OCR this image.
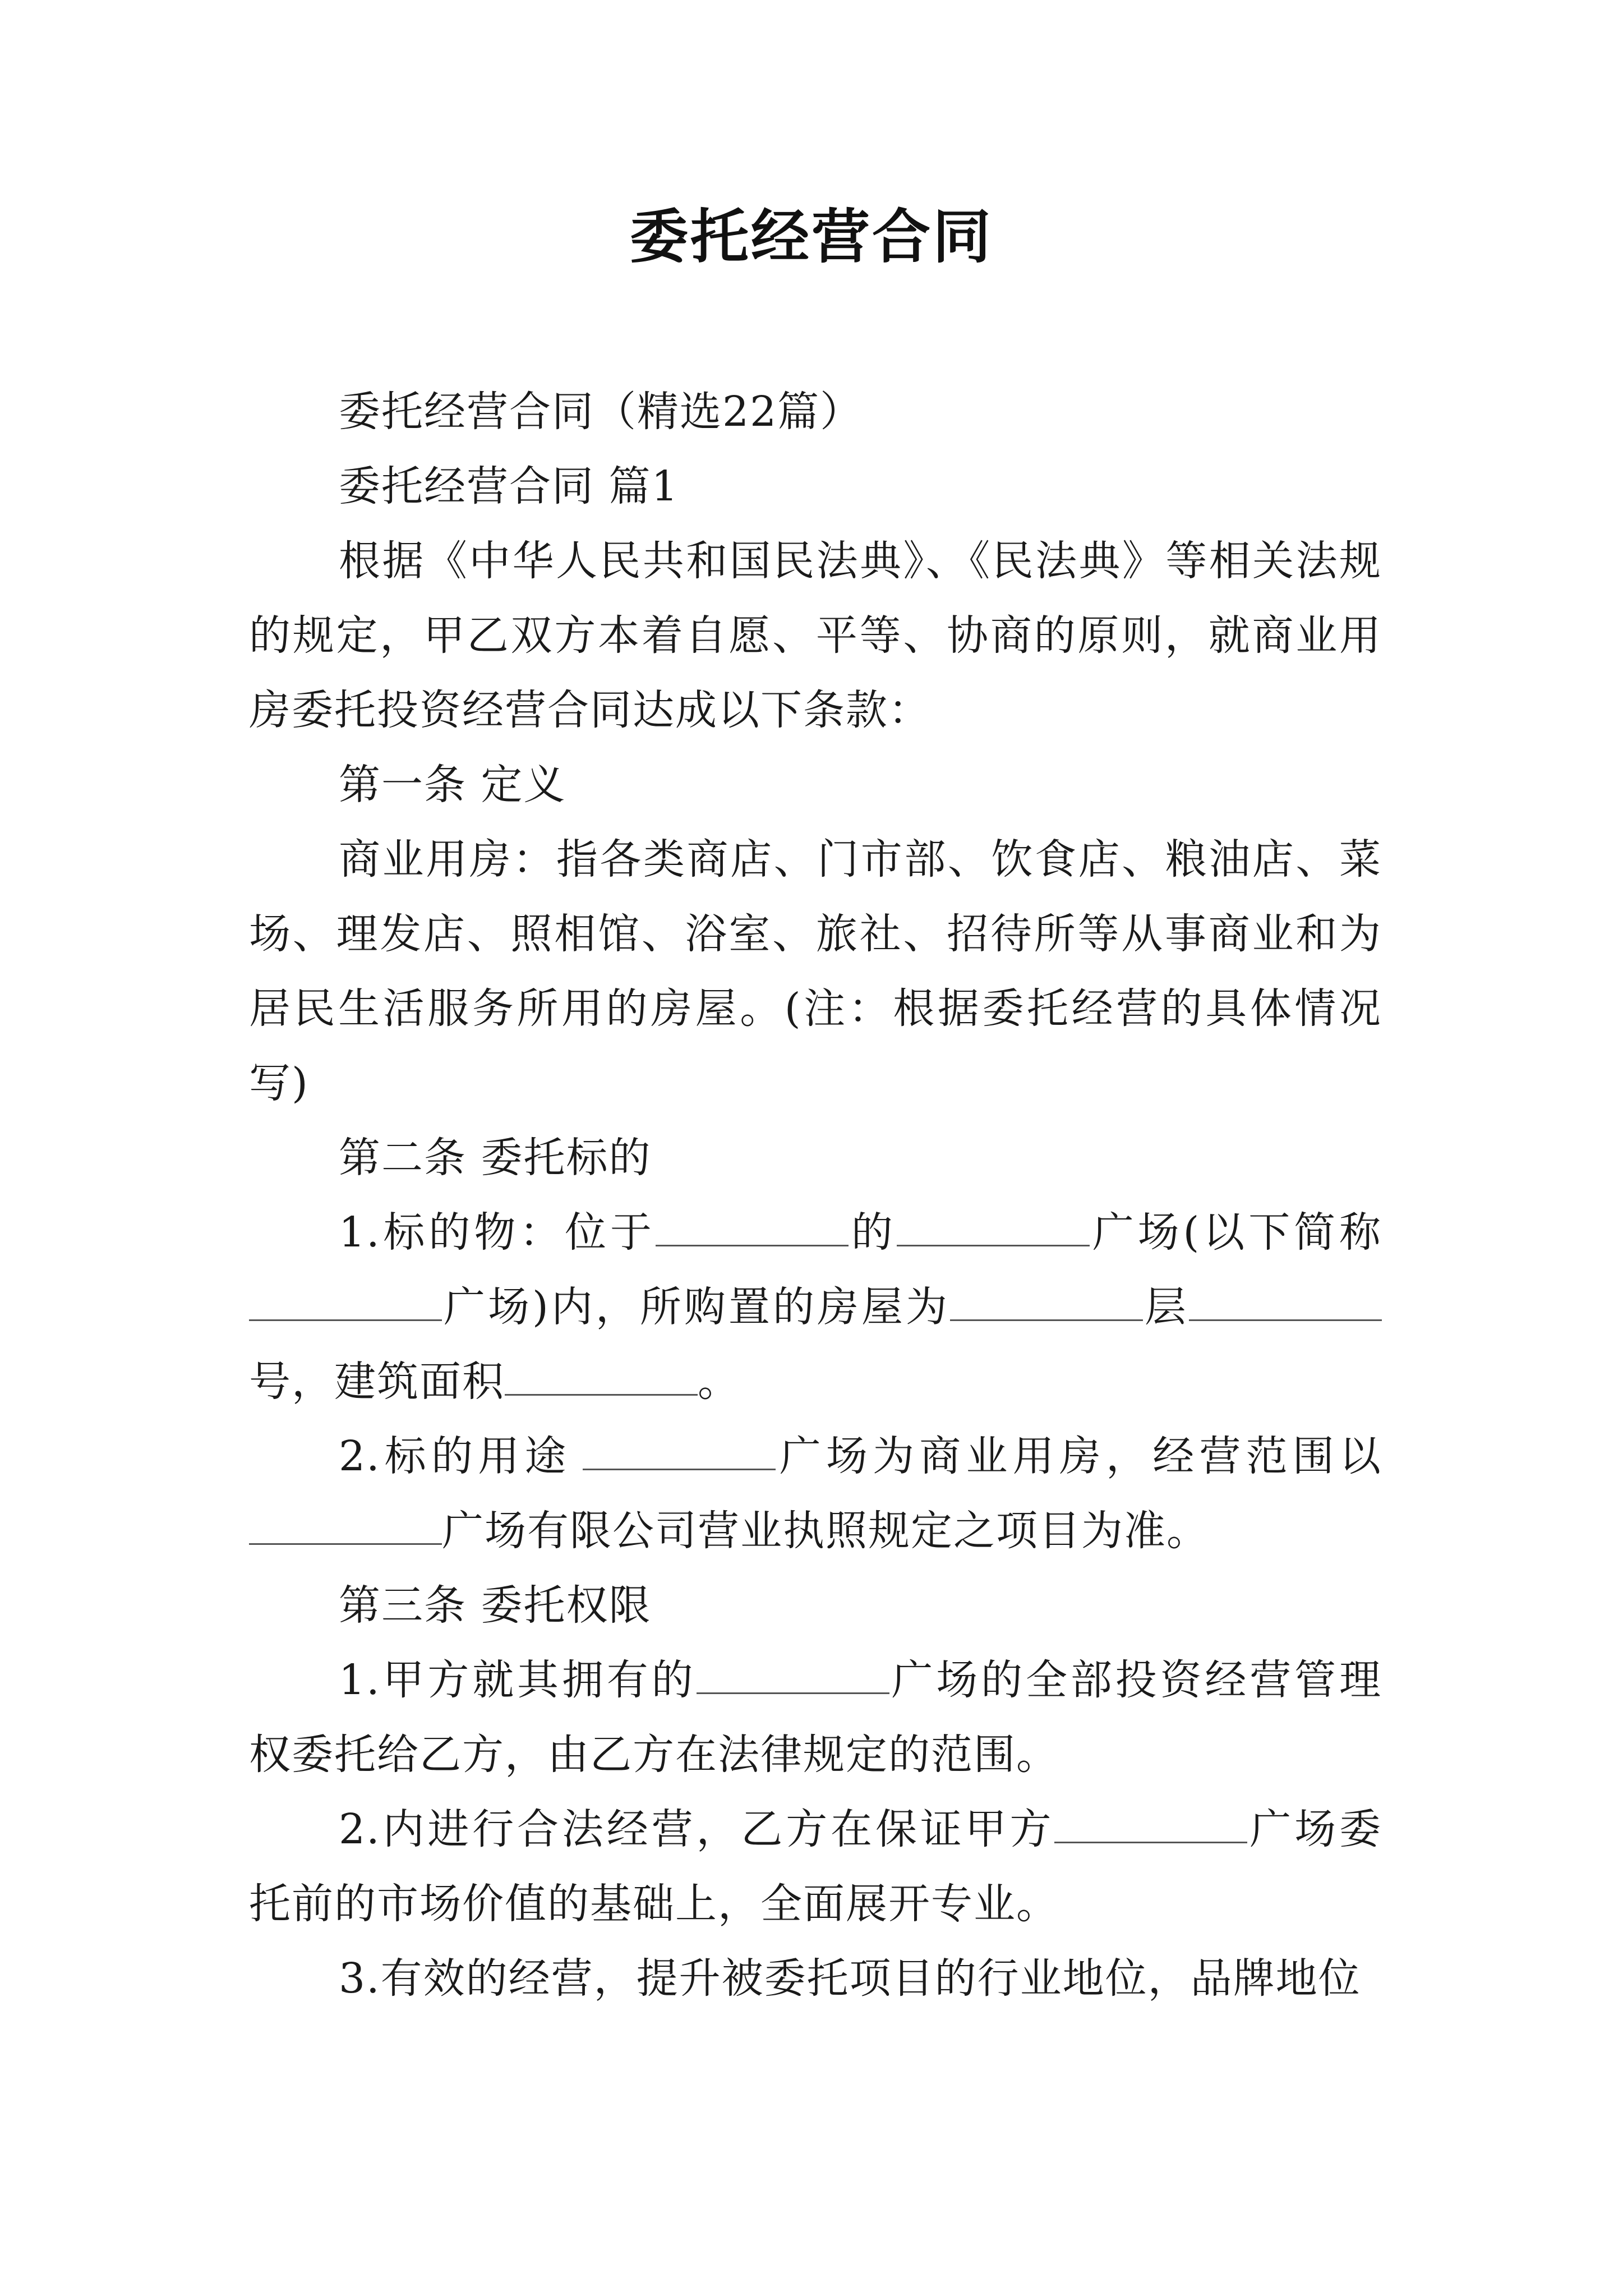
委托经营合同

委托经营合同（精选22篇）

委托经营合同 篇1

根据《中华人民共和国民法典》、《民法典》等相关法规的规定，甲乙双方本着自愿、平等、协商的原则，就商业用房委托投资经营合同达成以下条款：

第一条 定义

商业用房：指各类商店、门市部、饮食店、粮油店、菜场、理发店、照相馆、浴室、旅社、招待所等从事商业和为居民生活服务所用的房屋。(注：根据委托经营的具体情况写)

第二条 委托标的

1.标的物：位于	的	广场(以下简称广场)内，所购置的房屋为	层号，建筑面积	。

2.标的用途	广场为商业用房，经营范围以广场有限公司营业执照规定之项目为准。

第三条 委托权限

1.甲方就其拥有的	广场的全部投资经营管理权委托给乙方，由乙方在法律规定的范围。

2.内进行合法经营，乙方在保证甲方	广场委托前的市场价值的基础上，全面展开专业。

3.有效的经营，提升被委托项目的行业地位，品牌地位
